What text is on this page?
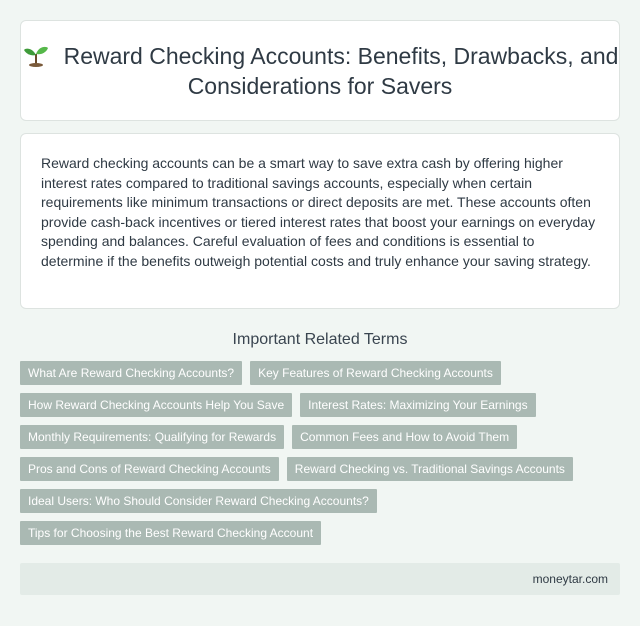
Reward Checking Accounts: Benefits, Drawbacks, and Considerations for Savers

Reward checking accounts can be a smart way to save extra cash by offering higher interest rates compared to traditional savings accounts, especially when certain requirements like minimum transactions or direct deposits are met. These accounts often provide cash-back incentives or tiered interest rates that boost your earnings on everyday spending and balances. Careful evaluation of fees and conditions is essential to determine if the benefits outweigh potential costs and truly enhance your saving strategy.

Important Related Terms
What Are Reward Checking Accounts?	Key Features of Reward Checking Accounts
How Reward Checking Accounts Help You Save	Interest Rates: Maximizing Your Earnings
Monthly Requirements: Qualifying for Rewards	Common Fees and How to Avoid Them
Pros and Cons of Reward Checking Accounts	Reward Checking vs. Traditional Savings Accounts
Ideal Users: Who Should Consider Reward Checking Accounts?
Tips for Choosing the Best Reward Checking Account
moneytar.com
